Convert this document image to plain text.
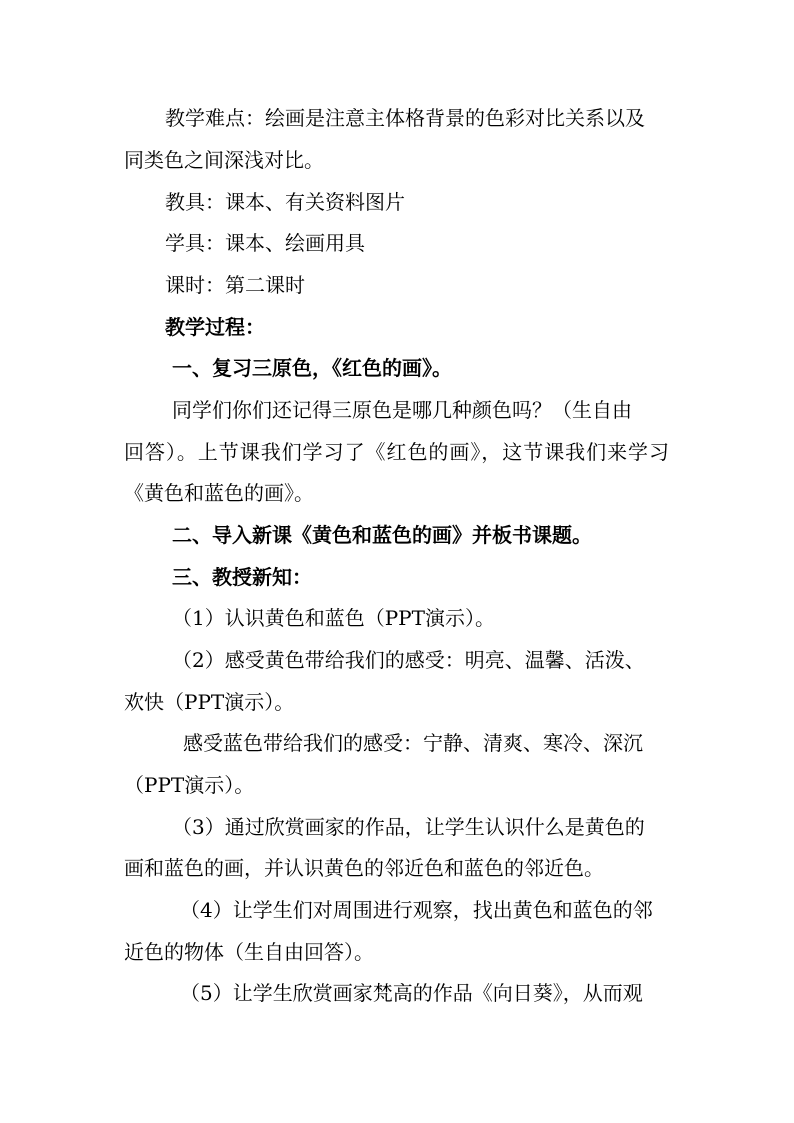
教学难点：绘画是注意主体格背景的色彩对比关系以及

同类色之间深浅对比。

教具：课本、有关资料图片

学具：课本、绘画用具

课时：第二课时

教学过程：

一、复习三原色，《红色的画》。

同学们你们还记得三原色是哪几种颜色吗？（生自由

回答）。上节课我们学习了《红色的画》，这节课我们来学习

《黄色和蓝色的画》。

二、导入新课《黄色和蓝色的画》并板书课题。

三、教授新知：

（1）认识黄色和蓝色（PPT演示）。

（2）感受黄色带给我们的感受：明亮、温馨、活泼、

欢快（PPT演示）。

感受蓝色带给我们的感受：宁静、清爽、寒冷、深沉

（PPT演示）。

（3）通过欣赏画家的作品，让学生认识什么是黄色的

画和蓝色的画，并认识黄色的邻近色和蓝色的邻近色。

（4）让学生们对周围进行观察，找出黄色和蓝色的邻

近色的物体（生自由回答）。

（5）让学生欣赏画家梵高的作品《向日葵》，从而观
